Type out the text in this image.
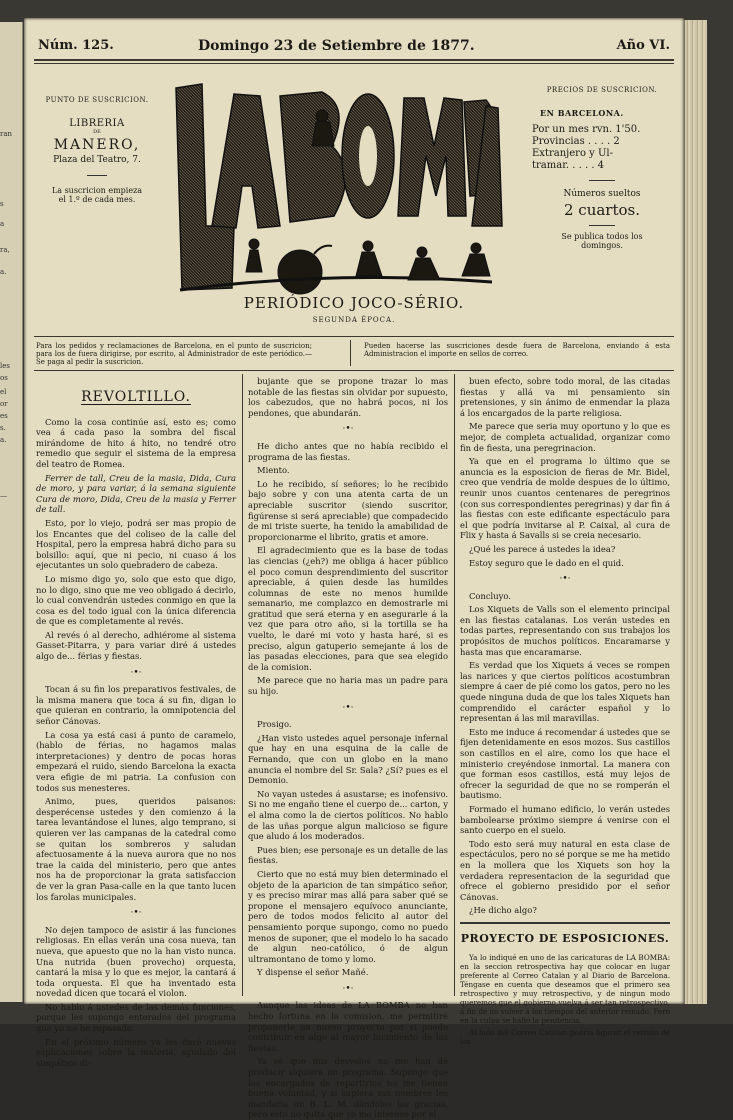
ran
s
a
ra,
a.
les
os
el
or
es
s.
a.
—
Núm. 125.	Domingo 23 de Setiembre de 1877.	Año VI.
PUNTO DE SUSCRICION.
LIBRERIA
DE
MANERO,
Plaza del Teatro, 7.
La suscricion empieza
el 1.º de cada mes.
PRECIOS DE SUSCRICION.
EN BARCELONA.
Por un mes rvn. 1'50.
Provincias . . . . 2
Extranjero y Ul-
tramar. . . . . 4
Números sueltos
2 cuartos.
Se publica todos los
domingos.
PERIÓDICO JOCO-SÉRIO.
SEGUNDA ÉPOCA.
Para los pedidos y reclamaciones de Barcelona, en el punto de suscricion; para los de fuera dirigirse, por escrito, al Administrador de este periódico.—Se paga al pedir la suscricion.
Pueden hacerse las suscriciones desde fuera de Barcelona, enviando á esta Administracion el importe en sellos de correo.
REVOLTILLO.

Como la cosa continúe así, esto es; como vea á cada paso la sombra del fiscal mirándome de hito á hito, no tendré otro remedio que seguir el sistema de la empresa del teatro de Romea.

Ferrer de tall, Creu de la masia, Dida, Cura de moro, y para variar, á la semana siguiente Cura de moro, Dida, Creu de la masia y Ferrer de tall.

Esto, por lo viejo, podrá ser mas propio de los Encantes que del coliseo de la calle del Hospital, pero la empresa habrá dicho para su bolsillo: aquí, que ni pecio, ni cuaso á los ejecutantes un solo quebradero de cabeza.

Lo mismo digo yo, solo que esto que digo, no lo digo, sino que me veo obligado á decirlo, lo cual convendrán ustedes conmigo en que la cosa es del todo igual con la única diferencia de que es completamente al revés.

Al revés ó al derecho, adhiérome al sistema Gasset-Pitarra, y para variar diré á ustedes algo de... férias y fiestas.

·•·

Tocan á su fin los preparativos festivales, de la misma manera que toca á su fin, digan lo que quieran en contrario, la omnipotencia del señor Cánovas.

La cosa ya está casi á punto de caramelo, (hablo de férias, no hagamos malas interpretaciones) y dentro de pocas horas empezará el ruido, siendo Barcelona la exacta vera efigie de mi patria. La confusion con todos sus menesteres.

Animo, pues, queridos paisanos: desperécense ustedes y den comienzo á la tarea levantándose el lunes, algo temprano, si quieren ver las campanas de la catedral como se quitan los sombreros y saludan afectuosamente á la nueva aurora que no nos trae la caida del ministerio, pero que antes nos ha de proporcionar la grata satisfaccion de ver la gran Pasa-calle en la que tanto lucen los farolas municipales.

·•·

No dejen tampoco de asistir á las funciones religiosas. En ellas verán una cosa nueva, tan nueva, que apuesto que no la han visto nunca. Una nutrida (buen provecho) orquesta, cantará la misa y lo que es mejor, la cantará á toda orquesta. El que ha inventado esta novedad dicen que tocará el violon.

No hablo á ustedes de las demás funciones, porque les supongo enterados del programa que yo no he repasado.

En el próximo número ya les daré nuevas esplicaciones sobre la materia, ayudado del simpático di-

bujante que se propone trazar lo mas notable de las fiestas sin olvidar por supuesto, los cabezudos, que no habrá pocos, ni los pendones, que abundarán.

·•·

He dicho antes que no había recibido el programa de las fiestas.

Miento.

Lo he recibido, sí señores; lo he recibido bajo sobre y con una atenta carta de un apreciable suscritor (siendo suscritor, figúrense si será apreciable) que compadecido de mi triste suerte, ha tenido la amabilidad de proporcionarme el librito, gratis et amore.

El agradecimiento que es la base de todas las ciencias (¿eh?) me obliga á hacer público el poco comun desprendimiento del suscritor apreciable, á quien desde las humildes columnas de este no menos humilde semanario, me complazco en demostrarle mi gratitud que será eterna y en asegurarle á la vez que para otro año, si la tortilla se ha vuelto, le daré mi voto y hasta haré, si es preciso, algun gatuperio semejante á los de las pasadas elecciones, para que sea elegido de la comision.

Me parece que no haria mas un padre para su hijo.

·•·

Prosigo.

¿Han visto ustedes aquel personaje infernal que hay en una esquina de la calle de Fernando, que con un globo en la mano anuncia el nombre del Sr. Sala? ¿Sí? pues es el Demonio.

No vayan ustedes á asustarse; es inofensivo. Si no me engaño tiene el cuerpo de... carton, y el alma como la de ciertos políticos. No hablo de las uñas porque algun malicioso se figure que aludo á los moderados.

Pues bien; ese personaje es un detalle de las fiestas.

Cierto que no está muy bien determinado el objeto de la aparicion de tan simpático señor, y es preciso mirar mas allá para saber qué se propone el mensajero equívoco anunciante, pero de todos modos felicito al autor del pensamiento porque supongo, como no puedo menos de suponer, que el modelo lo ha sacado de algun neo-católico, ó de algun ultramontano de tomo y lomo.

Y dispense el señor Mañé.

·•·

Aunque las ideas de LA BOMBA no han hecho fortuna en la comision, me permitiré proponerle un nuevo proyecto por si puedo contribuir en algo al mayor lucimiento de las fiestas.

Ya sé que mis desvelos no me han de producir siquiera un programa. Supongo que los encargados de repartirlos no me tienen buena voluntad, y si supiera sus nombres les mandaria un B. L. M. dándoles las gracias, pero esto no quita que yo me interese por el

buen efecto, sobre todo moral, de las citadas fiestas y allá va mi pensamiento sin pretensiones, y sin ánimo de enmendar la plaza á los encargados de la parte religiosa.

Me parece que seria muy oportuno y lo que es mejor, de completa actualidad, organizar como fin de fiesta, una peregrinacion.

Ya que en el programa lo último que se anuncia es la esposicion de fieras de Mr. Bidel, creo que vendría de molde despues de lo último, reunir unos cuantos centenares de peregrinos (con sus correspondientes peregrinas) y dar fin á las fiestas con este edificante espectáculo para el que podría invitarse al P. Caixal, al cura de Flix y hasta á Savalls si se creia necesario.

¿Qué les parece á ustedes la idea?

Estoy seguro que le dado en el quid.

·•·

Concluyo.

Los Xiquets de Valls son el elemento principal en las fiestas catalanas. Los verán ustedes en todas partes, representando con sus trabajos los propósitos de muchos políticos. Encaramarse y hasta mas que encaramarse.

Es verdad que los Xiquets á veces se rompen las narices y que ciertos políticos acostumbran siempre á caer de pié como los gatos, pero no les quede ninguna duda de que los tales Xiquets han comprendido el carácter español y lo representan á las mil maravillas.

Esto me induce á recomendar á ustedes que se fijen detenidamente en esos mozos. Sus castillos son castillos en el aire, como los que hace el ministerio creyéndose inmortal. La manera con que forman esos castillos, está muy lejos de ofrecer la seguridad de que no se romperán el bautismo.

Formado el humano edificio, lo verán ustedes bambolearse próximo siempre á venirse con el santo cuerpo en el suelo.

Todo esto será muy natural en esta clase de espectáculos, pero no sé porque se me ha metido en la mollera que los Xiquets son hoy la verdadera representacion de la seguridad que ofrece el gobierno presidido por el señor Cánovas.

¿He dicho algo?

PROYECTO DE ESPOSICIONES.

Ya lo indiqué en uno de las caricaturas de LA BOMBA: en la seccion retrospectiva hay que colocar en lugar preferente al Correo Catalan y al Diario de Barcelona. Téngase en cuenta que deseamos que el primero sea retrospectivo y muy retrospectivo, y de ningun modo queremos que el gobierno vuelva á ser tan retrospectivo, á fin de no volver á los tiempos del anterior reinado. Pero en la culpa se halló la penitencia.

Al lado del Correo Catalan podria figurar el retrato de los
